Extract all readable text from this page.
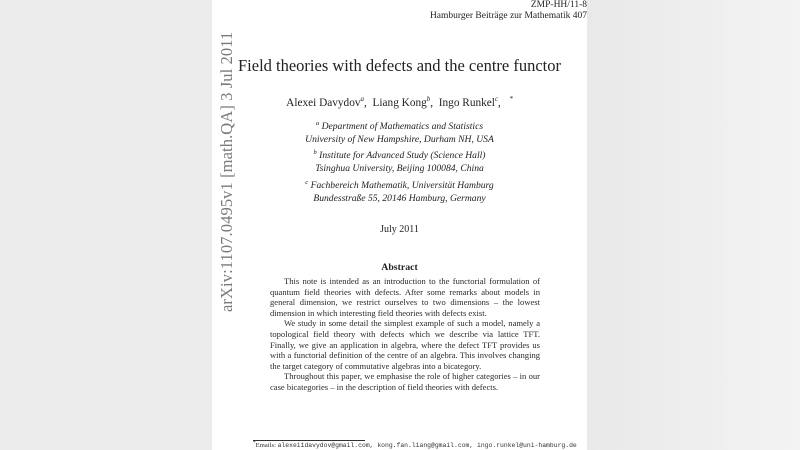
ZMP-HH/11-8
Hamburger Beiträge zur Mathematik 407
arXiv:1107.0495v1 [math.QA] 3 Jul 2011 Field theories with defects and the centre functor
Alexei Davydov$^a$,  Liang Kong$^b$,  Ingo Runkel$^c$,   *
$^a$ Department of Mathematics and Statistics
University of New Hampshire, Durham NH, USA
$^b$ Institute for Advanced Study (Science Hall)
Tsinghua University, Beijing 100084, China
$^c$ Fachbereich Mathematik, Universität Hamburg
Bundesstraße 55, 20146 Hamburg, Germany
July 2011
Abstract

This note is intended as an introduction to the functorial formulation of quantum field theories with defects. After some remarks about models in general dimension, we restrict ourselves to two dimensions – the lowest dimension in which interesting field theories with defects exist.

We study in some detail the simplest example of such a model, namely a topological field theory with defects which we describe via lattice TFT. Finally, we give an application in algebra, where the defect TFT provides us with a functorial definition of the centre of an algebra. This involves changing the target category of commutative algebras into a bicategory.

Throughout this paper, we emphasise the role of higher categories – in our case bicategories – in the description of field theories with defects.

*Emails: alexei1davydov@gmail.com, kong.fan.liang@gmail.com, ingo.runkel@uni-hamburg.de
